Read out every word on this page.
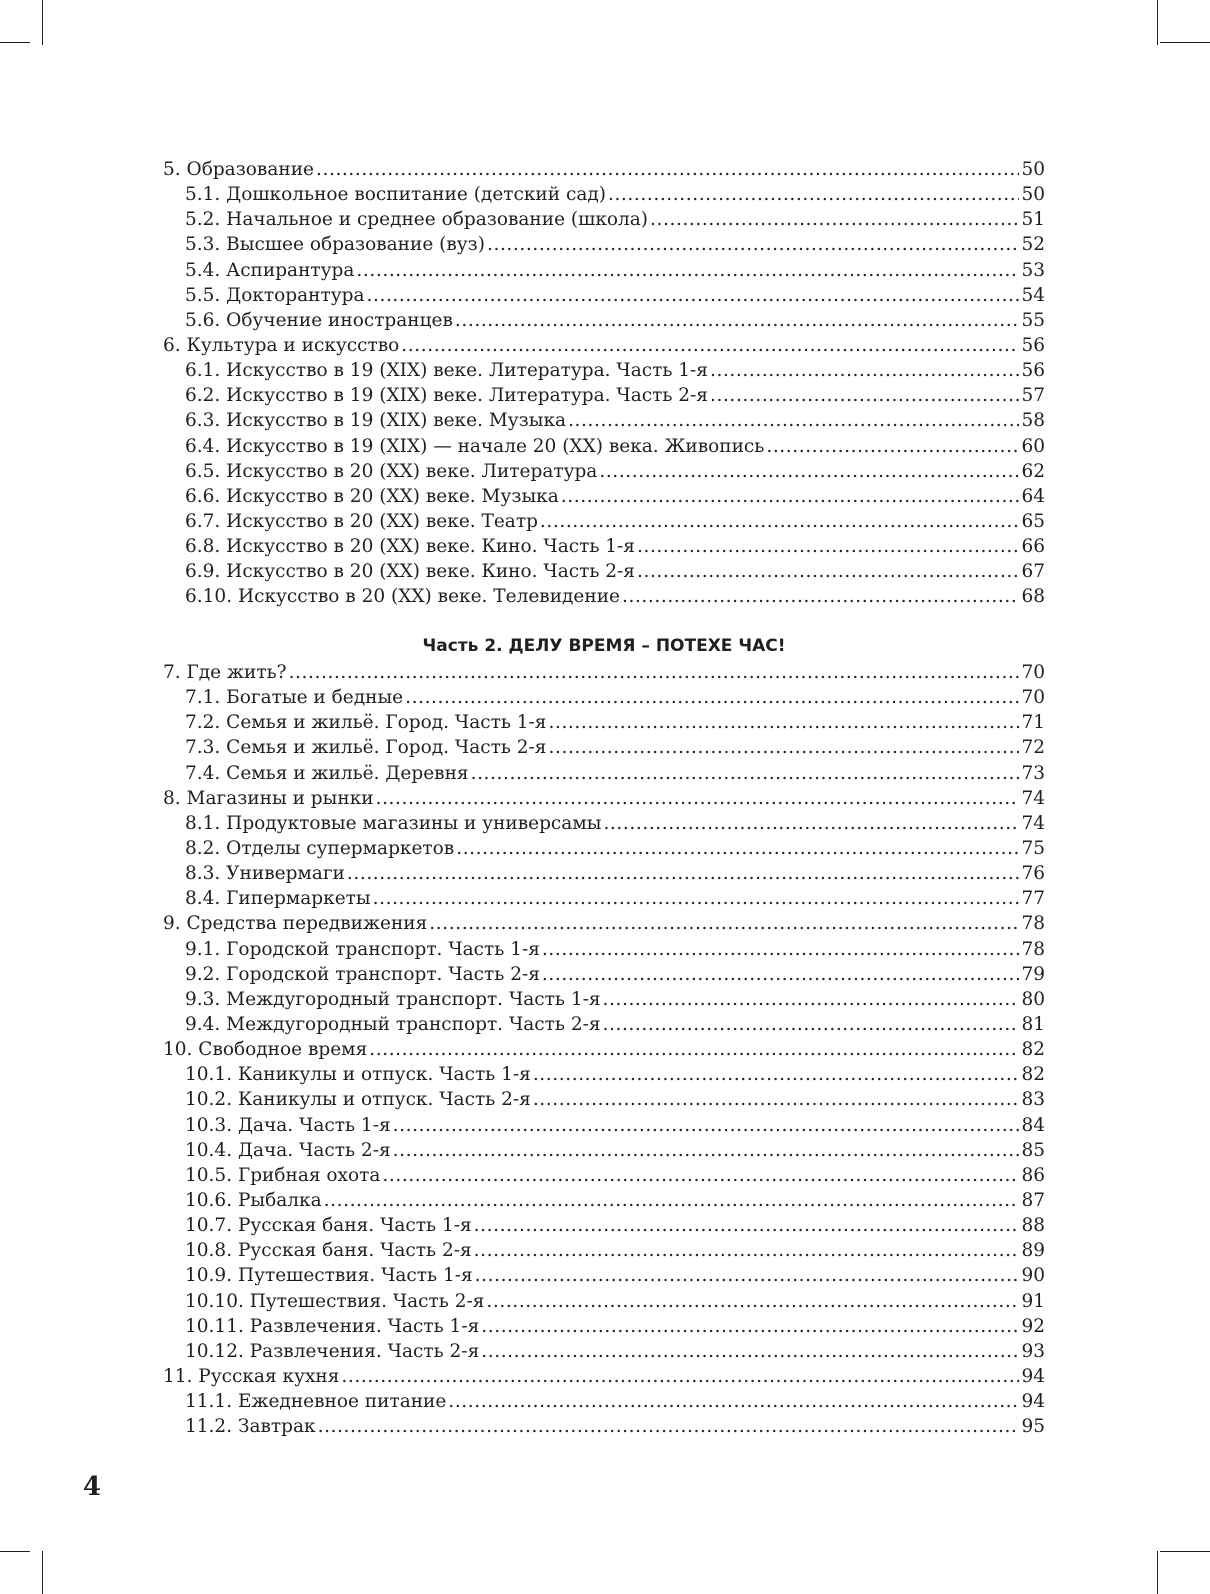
5. Образование .....	50
5.1. Дошкольное воспитание (детский сад) .....	50
5.2. Начальное и среднее образование (школа) .....	51
5.3. Высшее образование (вуз) .....	52
5.4. Аспирантура .....	53
5.5. Докторантура .....	54
5.6. Обучение иностранцев .....	55
6. Культура и искусство .....	56
6.1. Искусство в 19 (XIX) веке. Литература. Часть 1-я .....	56
6.2. Искусство в 19 (XIX) веке. Литература. Часть 2-я .....	57
6.3. Искусство в 19 (XIX) веке. Музыка .....	58
6.4. Искусство в 19 (XIX) — начале 20 (XX) века. Живопись .....	60
6.5. Искусство в 20 (XX) веке. Литература .....	62
6.6. Искусство в 20 (XX) веке. Музыка .....	64
6.7. Искусство в 20 (XX) веке. Театр .....	65
6.8. Искусство в 20 (XX) веке. Кино. Часть 1-я .....	66
6.9. Искусство в 20 (XX) веке. Кино. Часть 2-я .....	67
6.10. Искусство в 20 (XX) веке. Телевидение .....	68
Часть 2. ДЕЛУ ВРЕМЯ – ПОТЕХЕ ЧАС!
7. Где жить? .....	70
7.1. Богатые и бедные .....	70
7.2. Семья и жильё. Город. Часть 1-я .....	71
7.3. Семья и жильё. Город. Часть 2-я .....	72
7.4. Семья и жильё. Деревня .....	73
8. Магазины и рынки .....	74
8.1. Продуктовые магазины и универсамы .....	74
8.2. Отделы супермаркетов .....	75
8.3. Универмаги .....	76
8.4. Гипермаркеты .....	77
9. Средства передвижения .....	78
9.1. Городской транспорт. Часть 1-я .....	78
9.2. Городской транспорт. Часть 2-я .....	79
9.3. Междугородный транспорт. Часть 1-я .....	80
9.4. Междугородный транспорт. Часть 2-я .....	81
10. Свободное время .....	82
10.1. Каникулы и отпуск. Часть 1-я .....	82
10.2. Каникулы и отпуск. Часть 2-я .....	83
10.3. Дача. Часть 1-я .....	84
10.4. Дача. Часть 2-я .....	85
10.5. Грибная охота .....	86
10.6. Рыбалка .....	87
10.7. Русская баня. Часть 1-я .....	88
10.8. Русская баня. Часть 2-я .....	89
10.9. Путешествия. Часть 1-я .....	90
10.10. Путешествия. Часть 2-я .....	91
10.11. Развлечения. Часть 1-я .....	92
10.12. Развлечения. Часть 2-я .....	93
11. Русская кухня .....	94
11.1. Ежедневное питание .....	94
11.2. Завтрак .....	95
4
